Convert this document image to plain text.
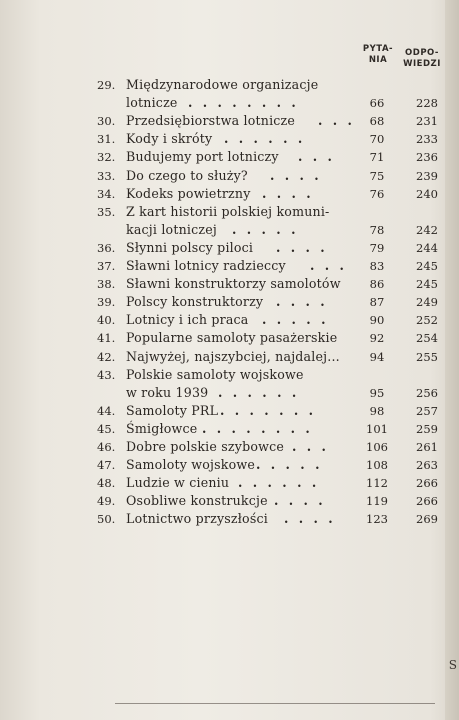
S
PYTA-
NIA
ODPO-
WIEDZI
29. Międzynarodowe organizacje
lotnicze . . . . . . . .	66	228
30. Przedsiębiorstwa lotnicze . . .	68	231
31. Kody i skróty . . . . . .	70	233
32. Budujemy port lotniczy . . .	71	236
33. Do czego to służy? . . . .	75	239
34. Kodeks powietrzny . . . .	76	240
35. Z kart historii polskiej komuni-
kacji lotniczej . . . . .	78	242
36. Słynni polscy piloci . . . .	79	244
37. Sławni lotnicy radzieccy . . .	83	245
38. Sławni konstruktorzy samolotów	86	245
39. Polscy konstruktorzy . . . .	87	249
40. Lotnicy i ich praca . . . . .	90	252
41. Popularne samoloty pasażerskie	92	254
42. Najwyżej, najszybciej, najdalej...	94	255
43. Polskie samoloty wojskowe
w roku 1939 . . . . . .	95	256
44. Samoloty PRL . . . . . . .	98	257
45. Śmigłowce . . . . . . . .	101	259
46. Dobre polskie szybowce . . .	106	261
47. Samoloty wojskowe . . . . .	108	263
48. Ludzie w cieniu . . . . . .	112	266
49. Osobliwe konstrukcje . . . .	119	266
50. Lotnictwo przyszłości . . . .	123	269
